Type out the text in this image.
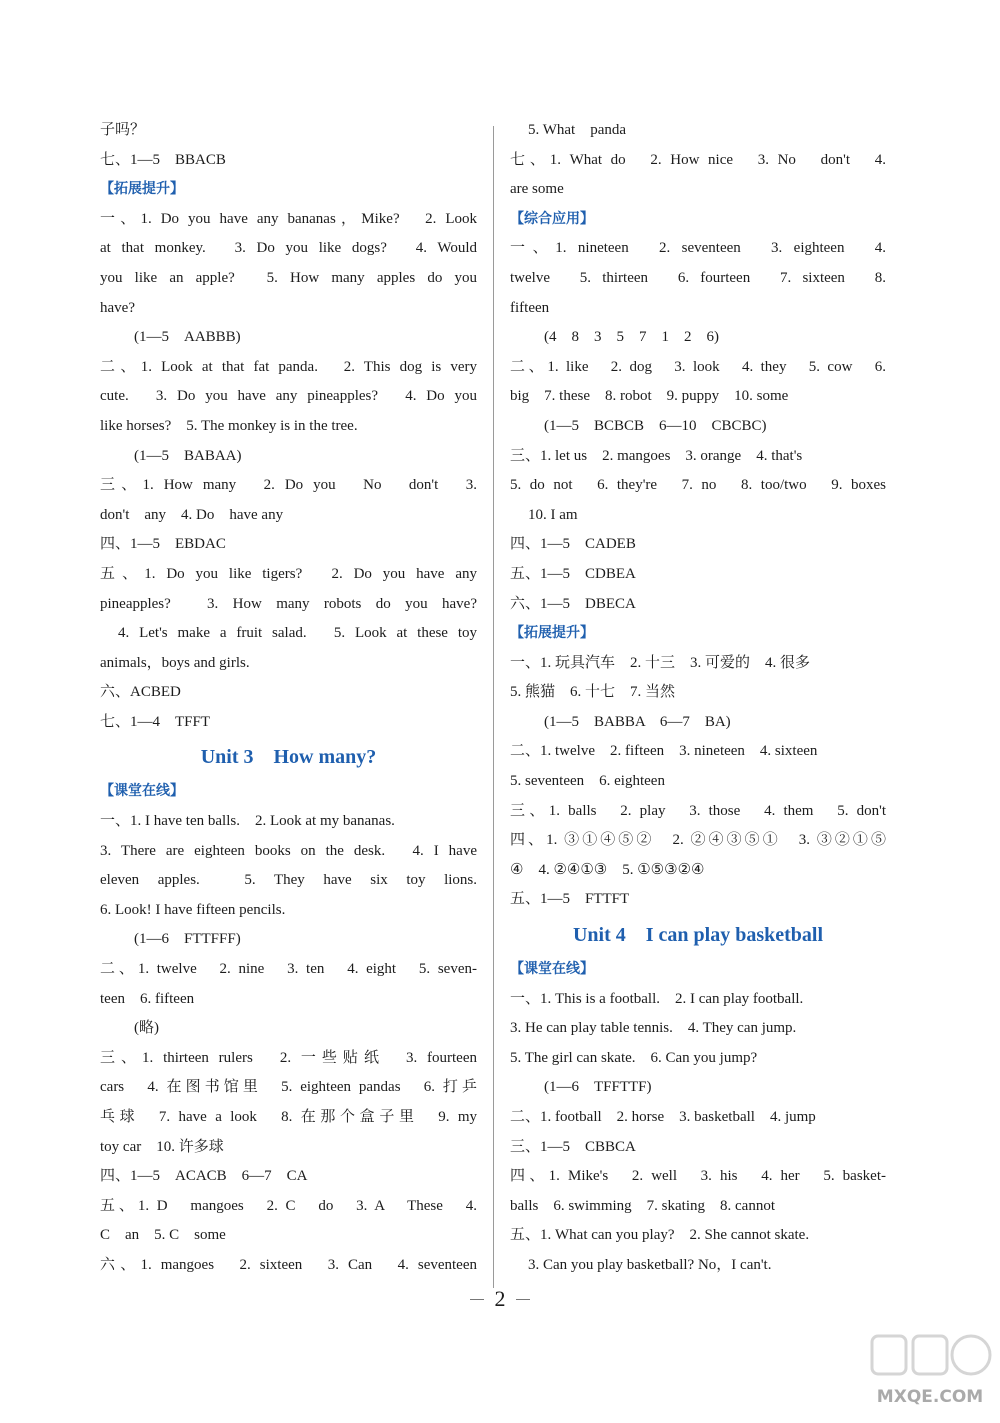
子吗？
七、1—5　BBACB
【拓展提升】
一、1. Do you have any bananas，Mike?　2. Look
at that monkey.　3. Do you like dogs?　4. Would
you like an apple?　5. How many apples do you
have?
(1—5　AABBB)
二、1. Look at that fat panda.　2. This dog is very
cute.　3. Do you have any pineapples?　4. Do you
like horses?　5. The monkey is in the tree.
(1—5　BABAA)
三、1. How many　2. Do you　No　don't　3.
don't　any　4. Do　have any
四、1—5　EBDAC
五、1. Do you like tigers?　2. Do you have any
pineapples?　3. How many robots do you have?
4. Let's make a fruit salad.　5. Look at these toy
animals，boys and girls.
六、ACBED
七、1—4　TFFT
Unit 3　How many?
【课堂在线】
一、1. I have ten balls.　2. Look at my bananas.
3. There are eighteen books on the desk.　4. I have
eleven apples.　5. They have six toy lions.
6. Look! I have fifteen pencils.
(1—6　FTTFFF)
二、1. twelve　2. nine　3. ten　4. eight　5. seven-
teen　6. fifteen
(略)
三、1. thirteen rulers　2. 一些贴纸　3. fourteen
cars　4. 在图书馆里　5. eighteen pandas　6. 打乒
乓球　7. have a look　8. 在那个盒子里　9. my
toy car　10. 许多球
四、1—5　ACACB　6—7　CA
五、1. D　mangoes　2. C　do　3. A　These　4.
C　an　5. C　some
六、1. mangoes　2. sixteen　3. Can　4. seventeen
5. What　panda
七、1. What do　2. How nice　3. No　don't　4.
are some
【综合应用】
一、1. nineteen　2. seventeen　3. eighteen　4.
twelve　5. thirteen　6. fourteen　7. sixteen　8.
fifteen
(4　8　3　5　7　1　2　6)
二、1. like　2. dog　3. look　4. they　5. cow　6.
big　7. these　8. robot　9. puppy　10. some
(1—5　BCBCB　6—10　CBCBC)
三、1. let us　2. mangoes　3. orange　4. that's
5. do not　6. they're　7. no　8. too/two　9. boxes
10. I am
四、1—5　CADEB
五、1—5　CDBEA
六、1—5　DBECA
【拓展提升】
一、1. 玩具汽车　2. 十三　3. 可爱的　4. 很多
5. 熊猫　6. 十七　7. 当然
(1—5　BABBA　6—7　BA)
二、1. twelve　2. fifteen　3. nineteen　4. sixteen
5. seventeen　6. eighteen
三、1. balls　2. play　3. those　4. them　5. don't
四、1. ③①④⑤②　2. ②④③⑤①　3. ③②①⑤
④　4. ②④①③　5. ①⑤③②④
五、1—5　FTTFT
Unit 4　I can play basketball
【课堂在线】
一、1. This is a football.　2. I can play football.
3. He can play table tennis.　4. They can jump.
5. The girl can skate.　6. Can you jump?
(1—6　TFFTTF)
二、1. football　2. horse　3. basketball　4. jump
三、1—5　CBBCA
四、1. Mike's　2. well　3. his　4. her　5. basket-
balls　6. swimming　7. skating　8. cannot
五、1. What can you play?　2. She cannot skate.
3. Can you play basketball? No，I can't.
2
MXQE.COM
